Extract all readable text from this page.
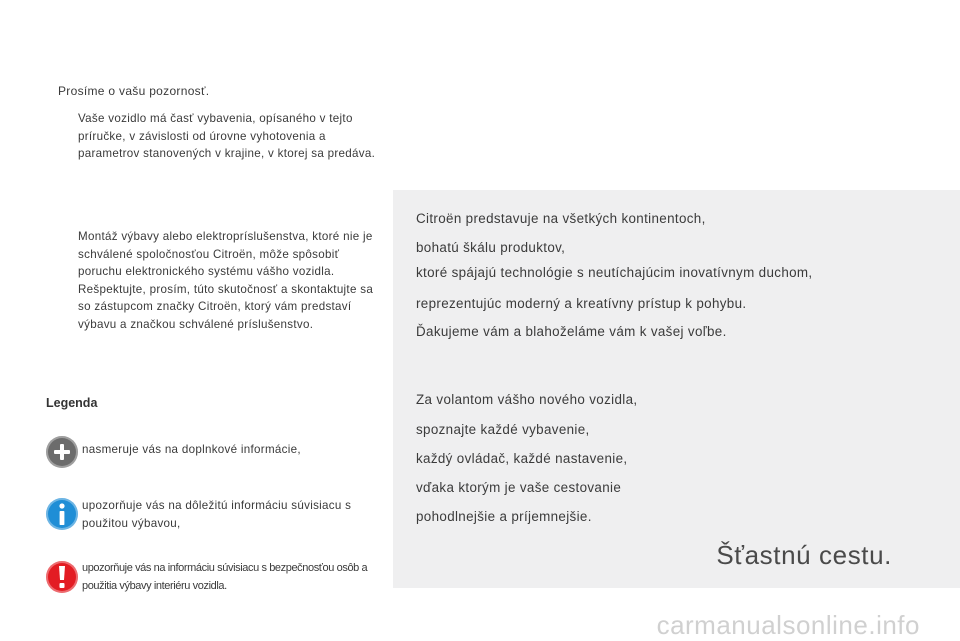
Prosíme o vašu pozornosť.

Vaše vozidlo má časť vybavenia, opísaného v tejto príručke, v závislosti od úrovne vyhotovenia a parametrov stanovených v krajine, v ktorej sa predáva.

Montáž výbavy alebo elektropríslušenstva, ktoré nie je schválené spoločnosťou Citroën, môže spôsobiť poruchu elektronického systému vášho vozidla. Rešpektujte, prosím, túto skutočnosť a skontaktujte sa so zástupcom značky Citroën, ktorý vám predstaví výbavu a značkou schválené príslušenstvo.

Legenda

nasmeruje vás na doplnkové informácie,
upozorňuje vás na dôležitú informáciu súvisiacu s použitou výbavou,
upozorňuje vás na informáciu súvisiacu s bezpečnosťou osôb a použitia výbavy interiéru vozidla.

Citroën predstavuje na všetkých kontinentoch,

bohatú škálu produktov,

ktoré spájajú technológie s neutíchajúcim inovatívnym duchom,

reprezentujúc moderný a kreatívny prístup k pohybu.

Ďakujeme vám a blahoželáme vám k vašej voľbe.

Za volantom vášho nového vozidla,

spoznajte každé vybavenie,

každý ovládač, každé nastavenie,

vďaka ktorým je vaše cestovanie

pohodlnejšie a príjemnejšie.

Šťastnú cestu.

carmanualsonline.info
